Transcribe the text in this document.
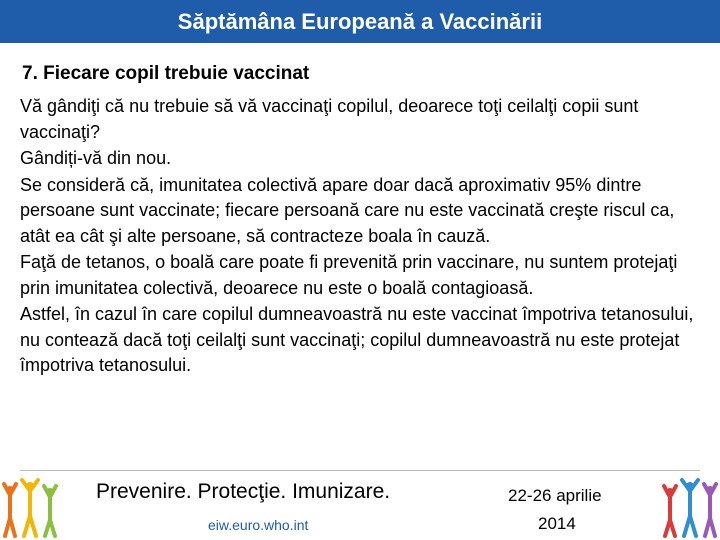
Săptămâna Europeană a Vaccinării
7. Fiecare copil trebuie vaccinat

Vă gândiţi că nu trebuie să vă vaccinaţi copilul, deoarece toţi ceilalţi copii sunt vaccinaţi?

Gândiți-vă din nou.

Se consideră că, imunitatea colectivă apare doar dacă aproximativ 95% dintre persoane sunt vaccinate; fiecare persoană care nu este vaccinată creşte riscul ca, atât ea cât şi alte persoane, să contracteze boala în cauză.

Faţă de tetanos, o boală care poate fi prevenită prin vaccinare, nu suntem protejaţi prin imunitatea colectivă, deoarece nu este o boală contagioasă.

Astfel, în cazul în care copilul dumneavoastră nu este vaccinat împotriva tetanosului, nu contează dacă toţi ceilalţi sunt vaccinaţi; copilul dumneavoastră nu este protejat împotriva tetanosului.

Prevenire. Protecţie. Imunizare.
eiw.euro.who.int
22-26 aprilie
2014
